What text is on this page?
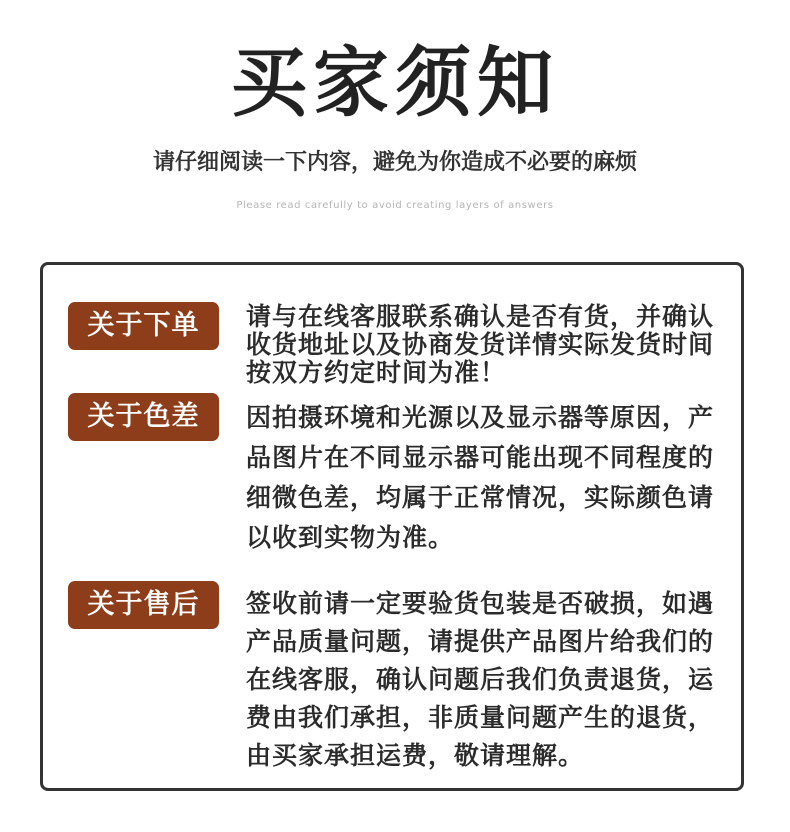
买家须知
请仔细阅读一下内容，避免为你造成不必要的麻烦
Please read carefully to avoid creating layers of answers
关于下单	请与在线客服联系确认是否有货，并确认
收货地址以及协商发货详情实际发货时间
按双方约定时间为准！
关于色差	因拍摄环境和光源以及显示器等原因，产
品图片在不同显示器可能出现不同程度的
细微色差，均属于正常情况，实际颜色请
以收到实物为准。
关于售后	签收前请一定要验货包装是否破损，如遇
产品质量问题，请提供产品图片给我们的
在线客服，确认问题后我们负责退货，运
费由我们承担，非质量问题产生的退货，
由买家承担运费，敬请理解。
